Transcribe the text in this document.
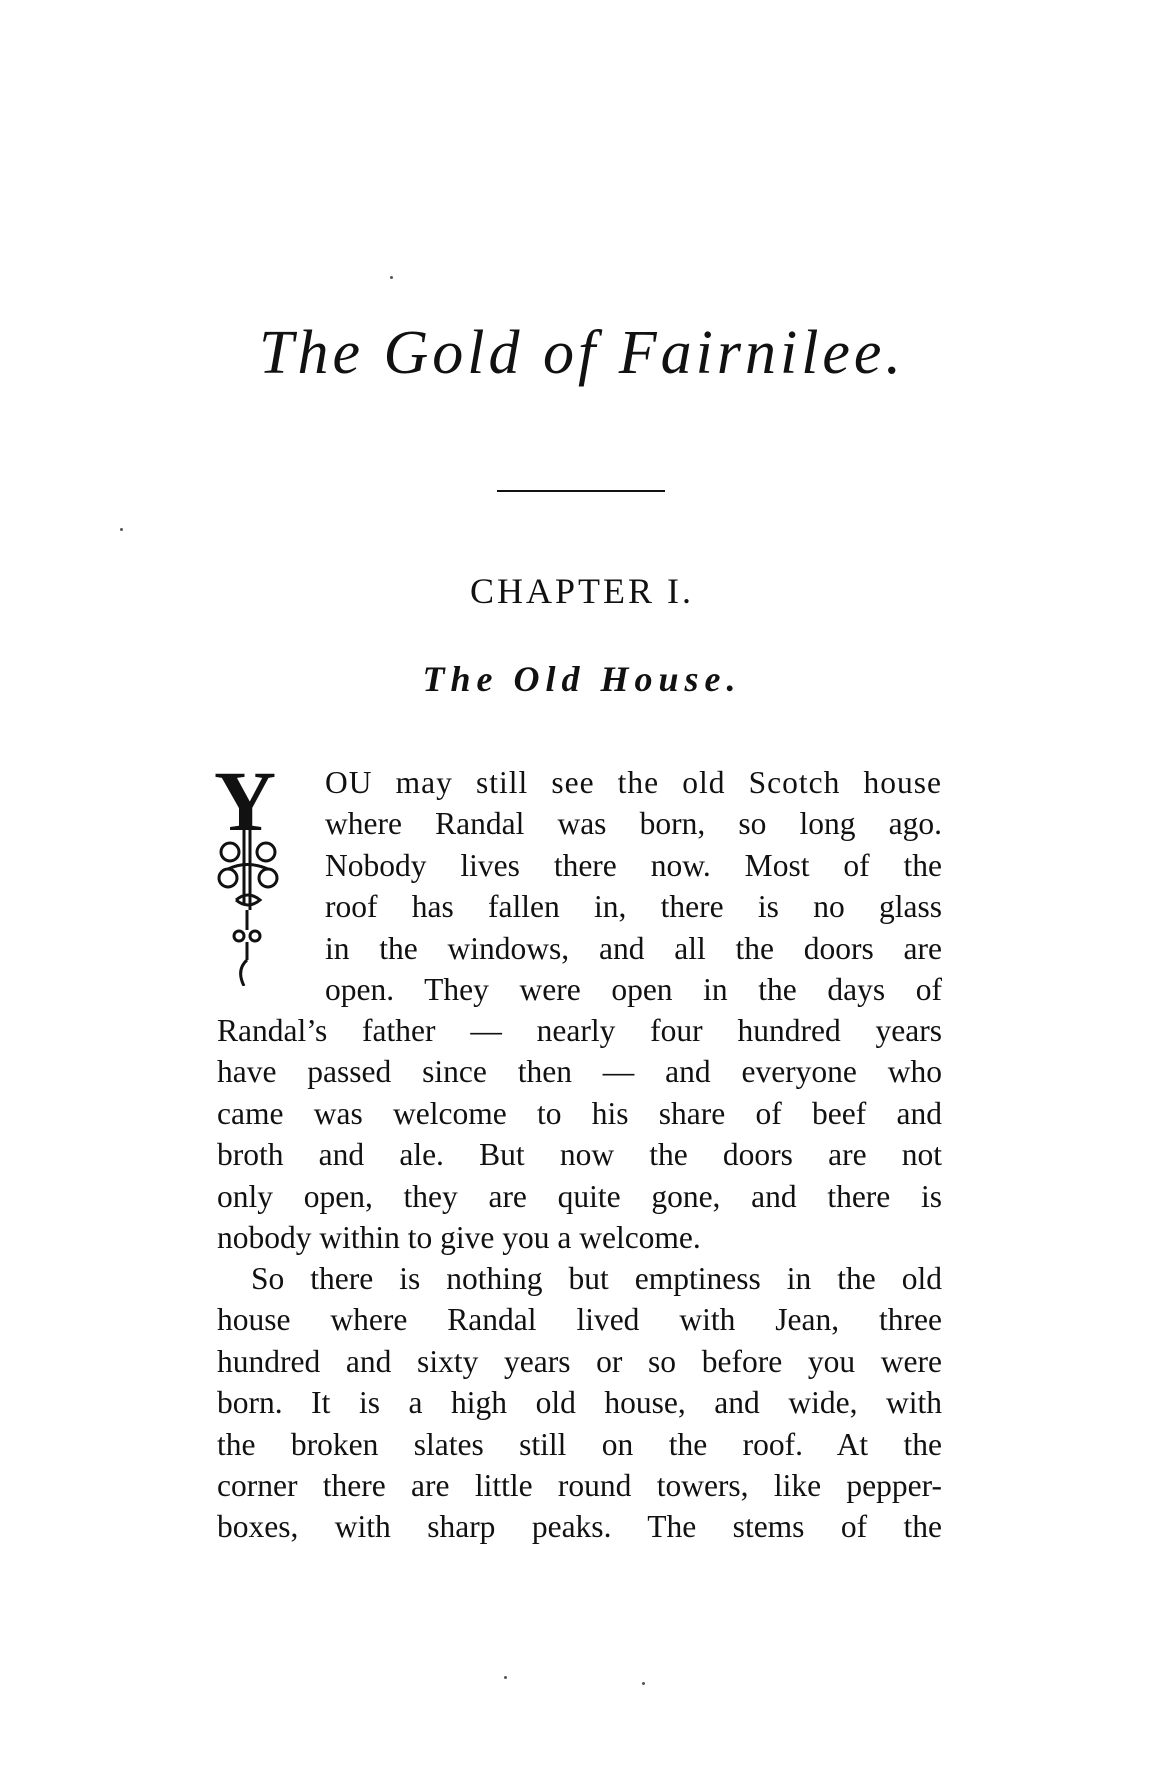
The Gold of Fairnilee.
CHAPTER I.
The Old House.
Y OU may still see the old Scotch house
where Randal was born, so long ago.
Nobody lives there now. Most of the
roof has fallen in, there is no glass
in the windows, and all the doors are
open. They were open in the days of
Randal’s father — nearly four hundred years
have passed since then — and everyone who
came was welcome to his share of beef and
broth and ale. But now the doors are not
only open, they are quite gone, and there is
nobody within to give you a welcome.
So there is nothing but emptiness in the old
house where Randal lived with Jean, three
hundred and sixty years or so before you were
born. It is a high old house, and wide, with
the broken slates still on the roof. At the
corner there are little round towers, like pepper-
boxes, with sharp peaks. The stems of the
